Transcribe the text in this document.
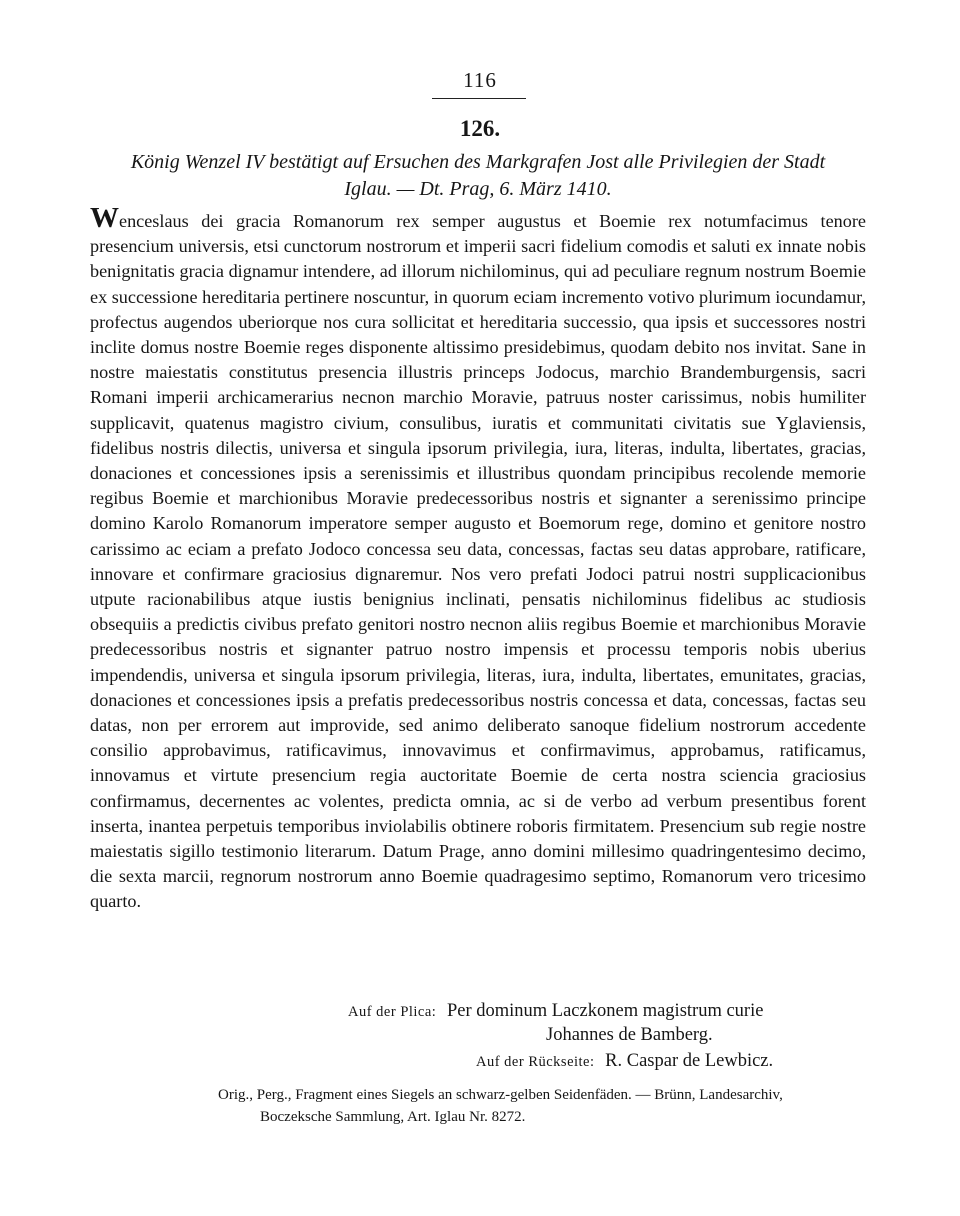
116
126.
König Wenzel IV bestätigt auf Ersuchen des Markgrafen Jost alle Privilegien der Stadt
Iglau. — Dt. Prag, 6. März 1410.

Wenceslaus dei gracia Romanorum rex semper augustus et Boemie rex notumfacimus tenore presencium universis, etsi cunctorum nostrorum et imperii sacri fidelium comodis et saluti ex innate nobis benignitatis gracia dignamur intendere, ad illorum nichilominus, qui ad peculiare regnum nostrum Boemie ex successione hereditaria pertinere noscuntur, in quorum eciam incremento votivo plurimum iocundamur, profectus augendos uberiorque nos cura sollicitat et hereditaria successio, qua ipsis et successores nostri inclite domus nostre Boemie reges disponente altissimo presidebimus, quodam debito nos invitat. Sane in nostre maiestatis constitutus presencia illustris princeps Jodocus, marchio Brandemburgensis, sacri Romani imperii archicamerarius necnon marchio Moravie, patruus noster carissimus, nobis humiliter supplicavit, quatenus magistro civium, consulibus, iuratis et communitati civitatis sue Yglaviensis, fidelibus nostris dilectis, universa et singula ipsorum privilegia, iura, literas, indulta, libertates, gracias, donaciones et concessiones ipsis a serenissimis et illustribus quondam principibus recolende memorie regibus Boemie et marchionibus Moravie predecessoribus nostris et signanter a serenissimo principe domino Karolo Romanorum imperatore semper augusto et Boemorum rege, domino et genitore nostro carissimo ac eciam a prefato Jodoco concessa seu data, concessas, factas seu datas approbare, ratificare, innovare et confirmare graciosius dignaremur. Nos vero prefati Jodoci patrui nostri supplicacionibus utpute racionabilibus atque iustis benignius inclinati, pensatis nichilominus fidelibus ac studiosis obsequiis a predictis civibus prefato genitori nostro necnon aliis regibus Boemie et marchionibus Moravie predecessoribus nostris et signanter patruo nostro impensis et processu temporis nobis uberius impendendis, universa et singula ipsorum privilegia, literas, iura, indulta, libertates, emunitates, gracias, donaciones et concessiones ipsis a prefatis predecessoribus nostris concessa et data, concessas, factas seu datas, non per errorem aut improvide, sed animo deliberato sanoque fidelium nostrorum accedente consilio approbavimus, ratificavimus, innovavimus et confirmavimus, approbamus, ratificamus, innovamus et virtute presencium regia auctoritate Boemie de certa nostra sciencia graciosius confirmamus, decernentes ac volentes, predicta omnia, ac si de verbo ad verbum presentibus forent inserta, inantea perpetuis temporibus inviolabilis obtinere roboris firmitatem. Presencium sub regie nostre maiestatis sigillo testimonio literarum. Datum Prage, anno domini millesimo quadringentesimo decimo, die sexta marcii, regnorum nostrorum anno Boemie quadragesimo septimo, Romanorum vero tricesimo quarto.

Auf der Plica: Per dominum Laczkonem magistrum curie
Johannes de Bamberg.
Auf der Rückseite: R. Caspar de Lewbicz.
Orig., Perg., Fragment eines Siegels an schwarz-gelben Seidenfäden. — Brünn, Landesarchiv,
Boczeksche Sammlung, Art. Iglau Nr. 8272.
